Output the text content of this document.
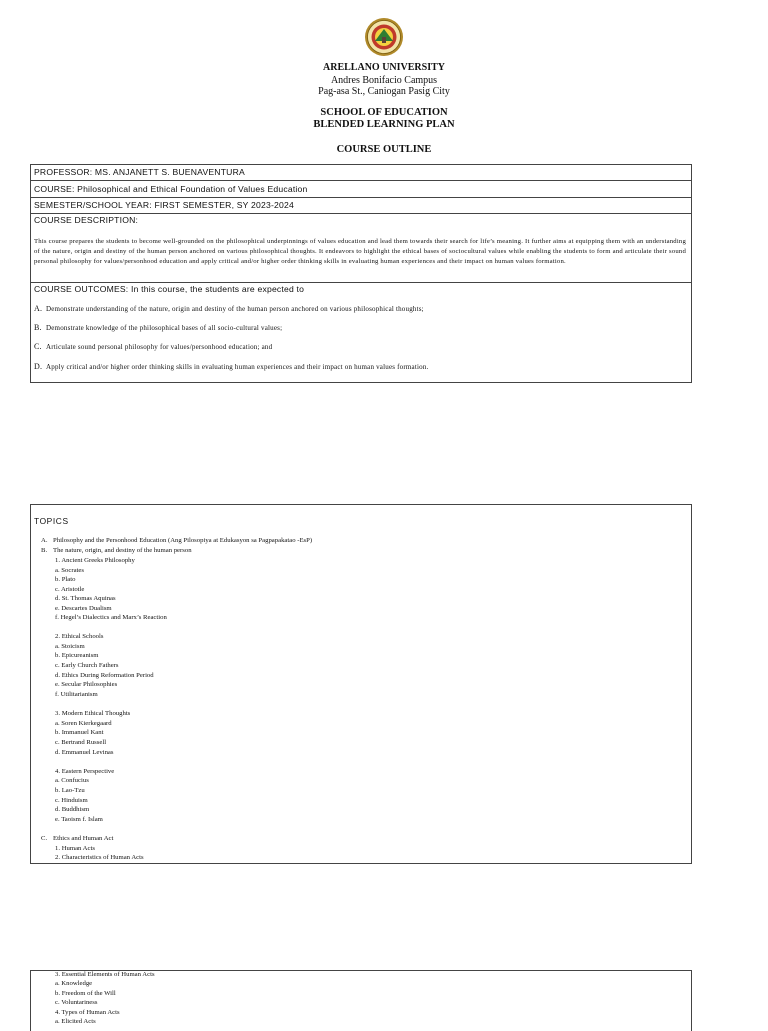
ARELLANO UNIVERSITY
Andres Bonifacio Campus
Pag-asa St., Caniogan Pasig City
SCHOOL OF EDUCATION
BLENDED LEARNING PLAN
COURSE OUTLINE
PROFESSOR: MS. ANJANETT S. BUENAVENTURA
COURSE: Philosophical and Ethical Foundation of Values Education
SEMESTER/SCHOOL YEAR: FIRST SEMESTER, SY 2023-2024
COURSE DESCRIPTION:
This course prepares the students to become well-grounded on the philosophical underpinnings of values education and lead them towards their search for life’s meaning. It further aims at equipping them with an understanding of the nature, origin and destiny of the human person anchored on various philosophical thoughts. It endeavors to highlight the ethical bases of sociocultural values while enabling the students to form and articulate their sound personal philosophy for values/personhood education and apply critical and/or higher order thinking skills in evaluating human experiences and their impact on human values formation.
COURSE OUTCOMES: In this course, the students are expected to
A. Demonstrate understanding of the nature, origin and destiny of the human person anchored on various philosophical thoughts;
B. Demonstrate knowledge of the philosophical bases of all socio-cultural values;
C. Articulate sound personal philosophy for values/personhood education; and
D. Apply critical and/or higher order thinking skills in evaluating human experiences and their impact on human values formation.
TOPICS
A. Philosophy and the Personhood Education (Ang Pilosopiya at Edukasyon sa Pagpapakatao -EsP)
B. The nature, origin, and destiny of the human person
1. Ancient Greeks Philosophy
a. Socrates
b. Plato
c. Aristotle
d. St. Thomas Aquinas
e. Descartes Dualism
f. Hegel’s Dialectics and Marx’s Reaction
2. Ethical Schools
a. Stoicism
b. Epicureanism
c. Early Church Fathers
d. Ethics During Reformation Period
e. Secular Philosophies
f. Utilitarianism
3. Modern Ethical Thoughts
a. Soren Kierkegaard
b. Immanuel Kant
c. Bertrand Russell
d. Emmanuel Levinas
4. Eastern Perspective
a. Confucius
b. Lao-Tzu
c. Hinduism
d. Buddhism
e. Taoism f. Islam
C. Ethics and Human Act
1. Human Acts
2. Characteristics of Human Acts
3. Essential Elements of Human Acts
a. Knowledge
b. Freedom of the Will
c. Voluntariness
4. Types of Human Acts
a. Elicited Acts
